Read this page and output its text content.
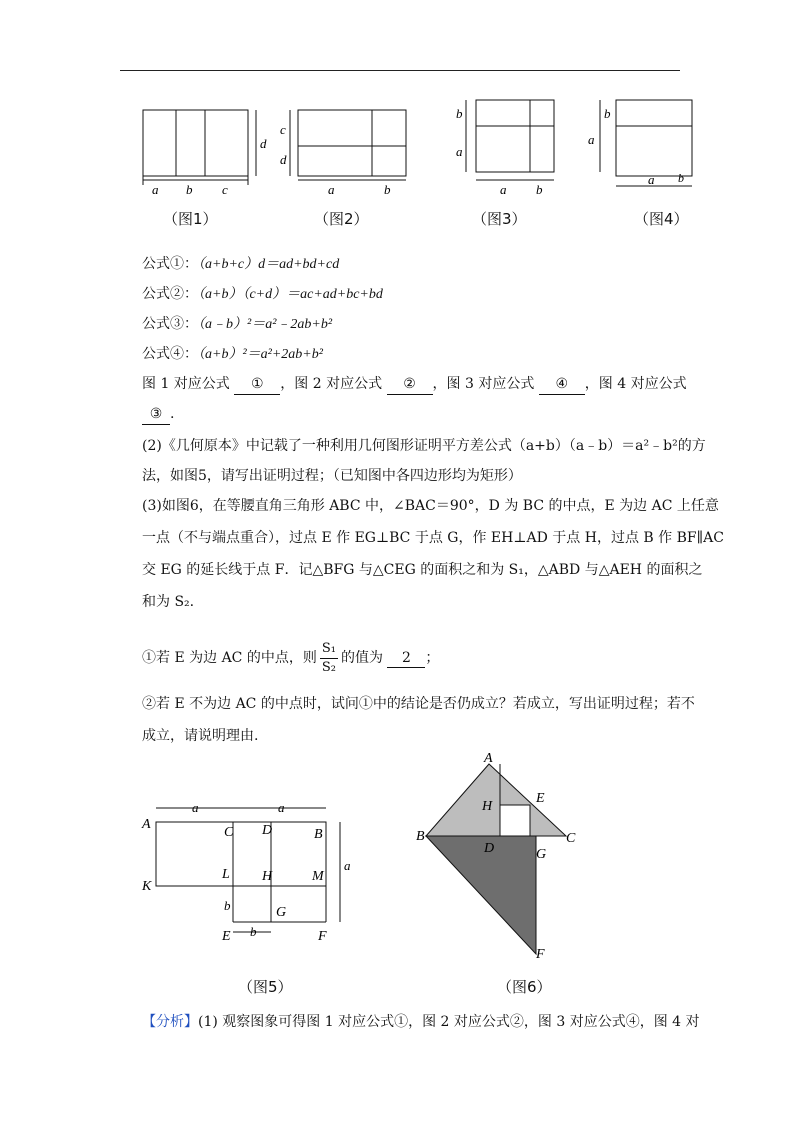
a b c
d
（图1）
c
d
a	b
（图2）
b
a
a b
（图3）
b
a
a b
（图4）
公式①：（a+b+c）d＝ad+bd+cd
公式②：（a+b）（c+d）＝ac+ad+bc+bd
公式③：（a﹣b）²＝a²﹣2ab+b²
公式④：（a+b）²＝a²+2ab+b²
图 1 对应公式 ① ，图 2 对应公式 ② ，图 3 对应公式 ④ ，图 4 对应公式
③ .
(2)《几何原本》中记载了一种利用几何图形证明平方差公式（a+b）（a﹣b）＝a²﹣b²的方
法，如图5，请写出证明过程；（已知图中各四边形均为矩形）
(3)如图6，在等腰直角三角形 ABC 中，∠BAC＝90°，D 为 BC 的中点，E 为边 AC 上任意
一点（不与端点重合），过点 E 作 EG⊥BC 于点 G，作 EH⊥AD 于点 H，过点 B 作 BF∥AC
交 EG 的延长线于点 F．记△BFG 与△CEG 的面积之和为 S₁，△ABD 与△AEH 的面积之
和为 S₂.
①若 E 为边 AC 的中点，则 $\frac{\text{S₁}}{\text{S₂}}$ 的值为 2 ；
②若 E 不为边 AC 的中点时，试问①中的结论是否仍成立？若成立，写出证明过程；若不
成立，请说明理由.
a	a
A
C D	B
K
L H	M
a
b	G
E b	F
（图5）
A
H
E
B	C
D	G
F
（图6）
【分析】(1) 观察图象可得图 1 对应公式①，图 2 对应公式②，图 3 对应公式④，图 4 对
